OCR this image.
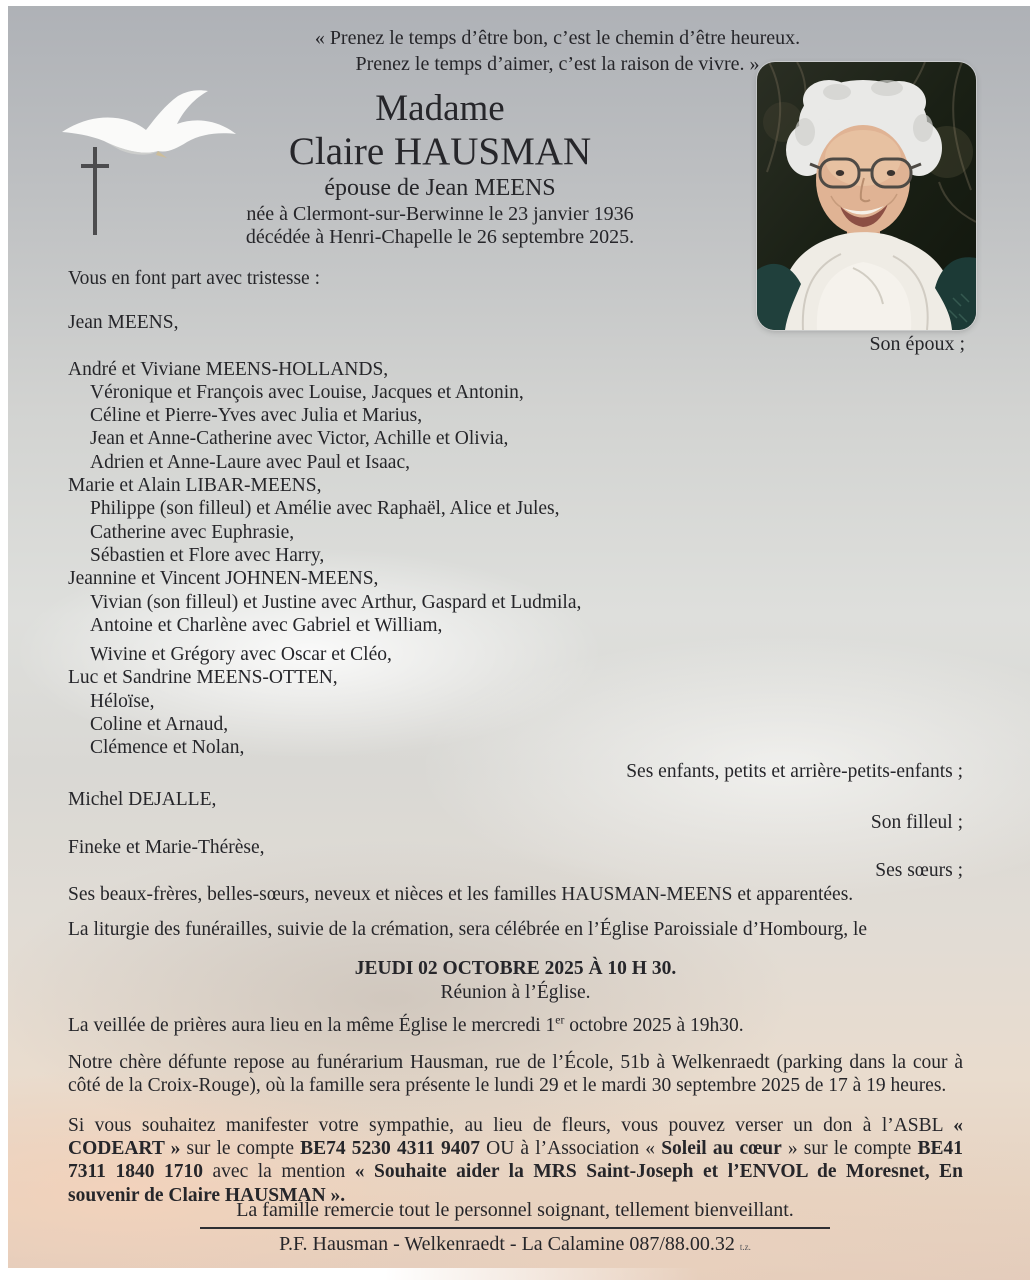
« Prenez le temps d’être bon, c’est le chemin d’être heureux.
Prenez le temps d’aimer, c’est la raison de vivre. »
Madame
Claire HAUSMAN
épouse de Jean MEENS
née à Clermont-sur-Berwinne le 23 janvier 1936
décédée à Henri-Chapelle le 26 septembre 2025.
Son époux ;
Vous en font part avec tristesse :
Jean MEENS,
André et Viviane MEENS-HOLLANDS,
Véronique et François avec Louise, Jacques et Antonin,
Céline et Pierre-Yves avec Julia et Marius,
Jean et Anne-Catherine avec Victor, Achille et Olivia,
Adrien et Anne-Laure avec Paul et Isaac,
Marie et Alain LIBAR-MEENS,
Philippe (son filleul) et Amélie avec Raphaël, Alice et Jules,
Catherine avec Euphrasie,
Sébastien et Flore avec Harry,
Jeannine et Vincent JOHNEN-MEENS,
Vivian (son filleul) et Justine avec Arthur, Gaspard et Ludmila,
Antoine et Charlène avec Gabriel et William,
Wivine et Grégory avec Oscar et Cléo,
Luc et Sandrine MEENS-OTTEN,
Héloïse,
Coline et Arnaud,
Clémence et Nolan,
Ses enfants, petits et arrière-petits-enfants ;
Michel DEJALLE,
Son filleul ;
Fineke et Marie-Thérèse,
Ses sœurs ;
Ses beaux-frères, belles-sœurs, neveux et nièces et les familles HAUSMAN-MEENS et apparentées.
La liturgie des funérailles, suivie de la crémation, sera célébrée en l’Église Paroissiale d’Hombourg, le
JEUDI 02 OCTOBRE 2025 À 10 H 30.
Réunion à l’Église.
La veillée de prières aura lieu en la même Église le mercredi 1er octobre 2025 à 19h30.
Notre chère défunte repose au funérarium Hausman, rue de l’École, 51b à Welkenraedt (parking dans la cour à côté de la Croix-Rouge), où la famille sera présente le lundi 29 et le mardi 30 septembre 2025 de 17 à 19 heures.
Si vous souhaitez manifester votre sympathie, au lieu de fleurs, vous pouvez verser un don à l’ASBL « CODEART » sur le compte BE74 5230 4311 9407 OU à l’Association « Soleil au cœur » sur le compte BE41 7311 1840 1710 avec la mention « Souhaite aider la MRS Saint-Joseph et l’ENVOL de Moresnet, En souvenir de Claire HAUSMAN ».
La famille remercie tout le personnel soignant, tellement bienveillant.
P.F. Hausman - Welkenraedt - La Calamine 087/88.00.32 t.z.
